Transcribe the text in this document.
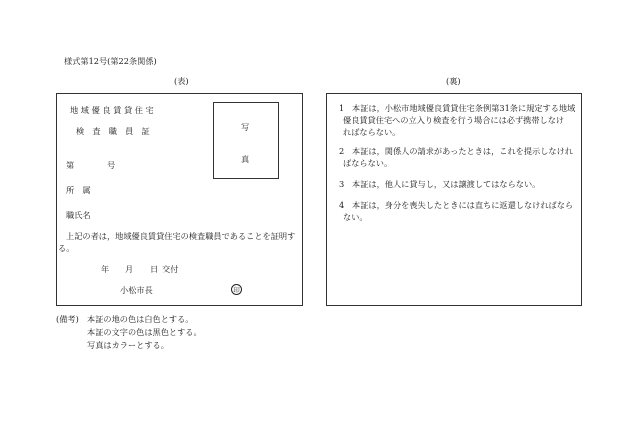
様式第12号(第22条関係)
(表)	(裏)
地 域 優 良 賃 貸 住 宅
検　査　職　員　証	写
真
第	号
所　属
職氏名
上記の者は，地域優良賃貸住宅の検査職員であることを証明す
る。
年 月 日 交付
小松市長	印
1 本証は，小松市地域優良賃貸住宅条例第31条に規定する地域
優良賃貸住宅への立入り検査を行う場合には必ず携帯しなけ
ればならない。
2 本証は，関係人の請求があったときは，これを提示しなけれ
ばならない。
3 本証は，他人に貸与し，又は譲渡してはならない。
4 本証は，身分を喪失したときには直ちに返還しなければなら
ない。
(備考) 本証の地の色は白色とする。
本証の文字の色は黒色とする。
写真はカラーとする。
